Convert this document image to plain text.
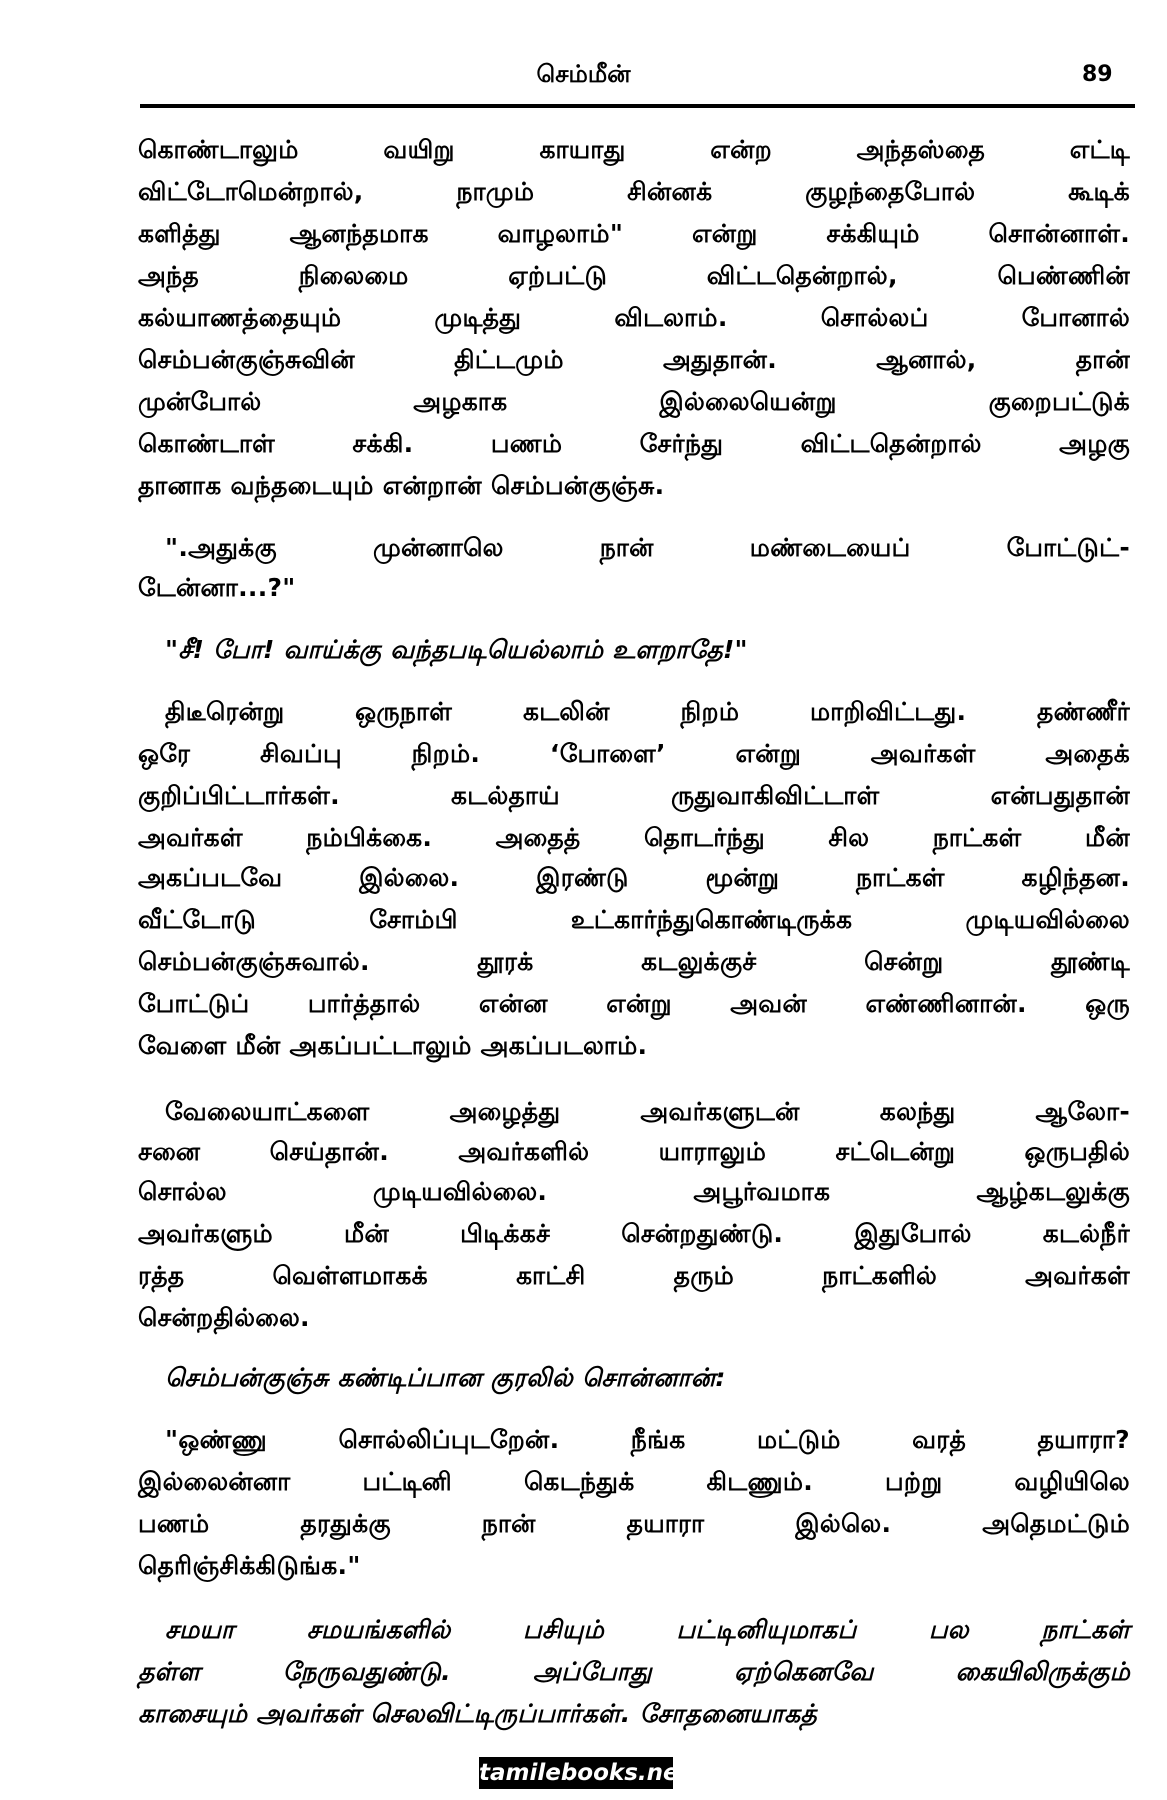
செம்மீன்	89
கொண்டாலும் வயிறு காயாது என்ற அந்தஸ்தை எட்டி
விட்டோமென்றால், நாமும் சின்னக் குழந்தைபோல் கூடிக்
களித்து ஆனந்தமாக வாழலாம்" என்று சக்கியும் சொன்னாள்.
அந்த நிலைமை ஏற்பட்டு விட்டதென்றால், பெண்ணின்
கல்யாணத்தையும் முடித்து விடலாம். சொல்லப் போனால்
செம்பன்குஞ்சுவின் திட்டமும் அதுதான். ஆனால், தான்
முன்போல் அழகாக இல்லையென்று குறைபட்டுக்
கொண்டாள் சக்கி. பணம் சேர்ந்து விட்டதென்றால் அழகு
தானாக வந்தடையும் என்றான் செம்பன்குஞ்சு.
".அதுக்கு முன்னாலெ நான் மண்டையைப் போட்டுட்-
டேன்னா...?"
"சீ! போ! வாய்க்கு வந்தபடியெல்லாம் உளறாதே!"
திடீரென்று ஒருநாள் கடலின் நிறம் மாறிவிட்டது. தண்ணீர்
ஒரே சிவப்பு நிறம். ‘போளை’ என்று அவர்கள் அதைக்
குறிப்பிட்டார்கள். கடல்தாய் ருதுவாகிவிட்டாள் என்பதுதான்
அவர்கள் நம்பிக்கை. அதைத் தொடர்ந்து சில நாட்கள் மீன்
அகப்படவே இல்லை. இரண்டு மூன்று நாட்கள் கழிந்தன.
வீட்டோடு சோம்பி உட்கார்ந்துகொண்டிருக்க முடியவில்லை
செம்பன்குஞ்சுவால். தூரக் கடலுக்குச் சென்று தூண்டி
போட்டுப் பார்த்தால் என்ன என்று அவன் எண்ணினான். ஒரு
வேளை மீன் அகப்பட்டாலும் அகப்படலாம்.
வேலையாட்களை அழைத்து அவர்களுடன் கலந்து ஆலோ-
சனை செய்தான். அவர்களில் யாராலும் சட்டென்று ஒருபதில்
சொல்ல முடியவில்லை. அபூர்வமாக ஆழ்கடலுக்கு
அவர்களும் மீன் பிடிக்கச் சென்றதுண்டு. இதுபோல் கடல்நீர்
ரத்த வெள்ளமாகக் காட்சி தரும் நாட்களில் அவர்கள்
சென்றதில்லை.
செம்பன்குஞ்சு கண்டிப்பான குரலில் சொன்னான்:
"ஒண்ணு சொல்லிப்புடறேன். நீங்க மட்டும் வரத் தயாரா?
இல்லைன்னா பட்டினி கெடந்துக் கிடணும். பற்று வழியிலெ
பணம் தரதுக்கு நான் தயாரா இல்லெ. அதெமட்டும்
தெரிஞ்சிக்கிடுங்க."
சமயா சமயங்களில் பசியும் பட்டினியுமாகப் பல நாட்கள்
தள்ள நேருவதுண்டு. அப்போது ஏற்கெனவே கையிலிருக்கும்
காசையும் அவர்கள் செலவிட்டிருப்பார்கள். சோதனையாகத்
tamilebooks.net
